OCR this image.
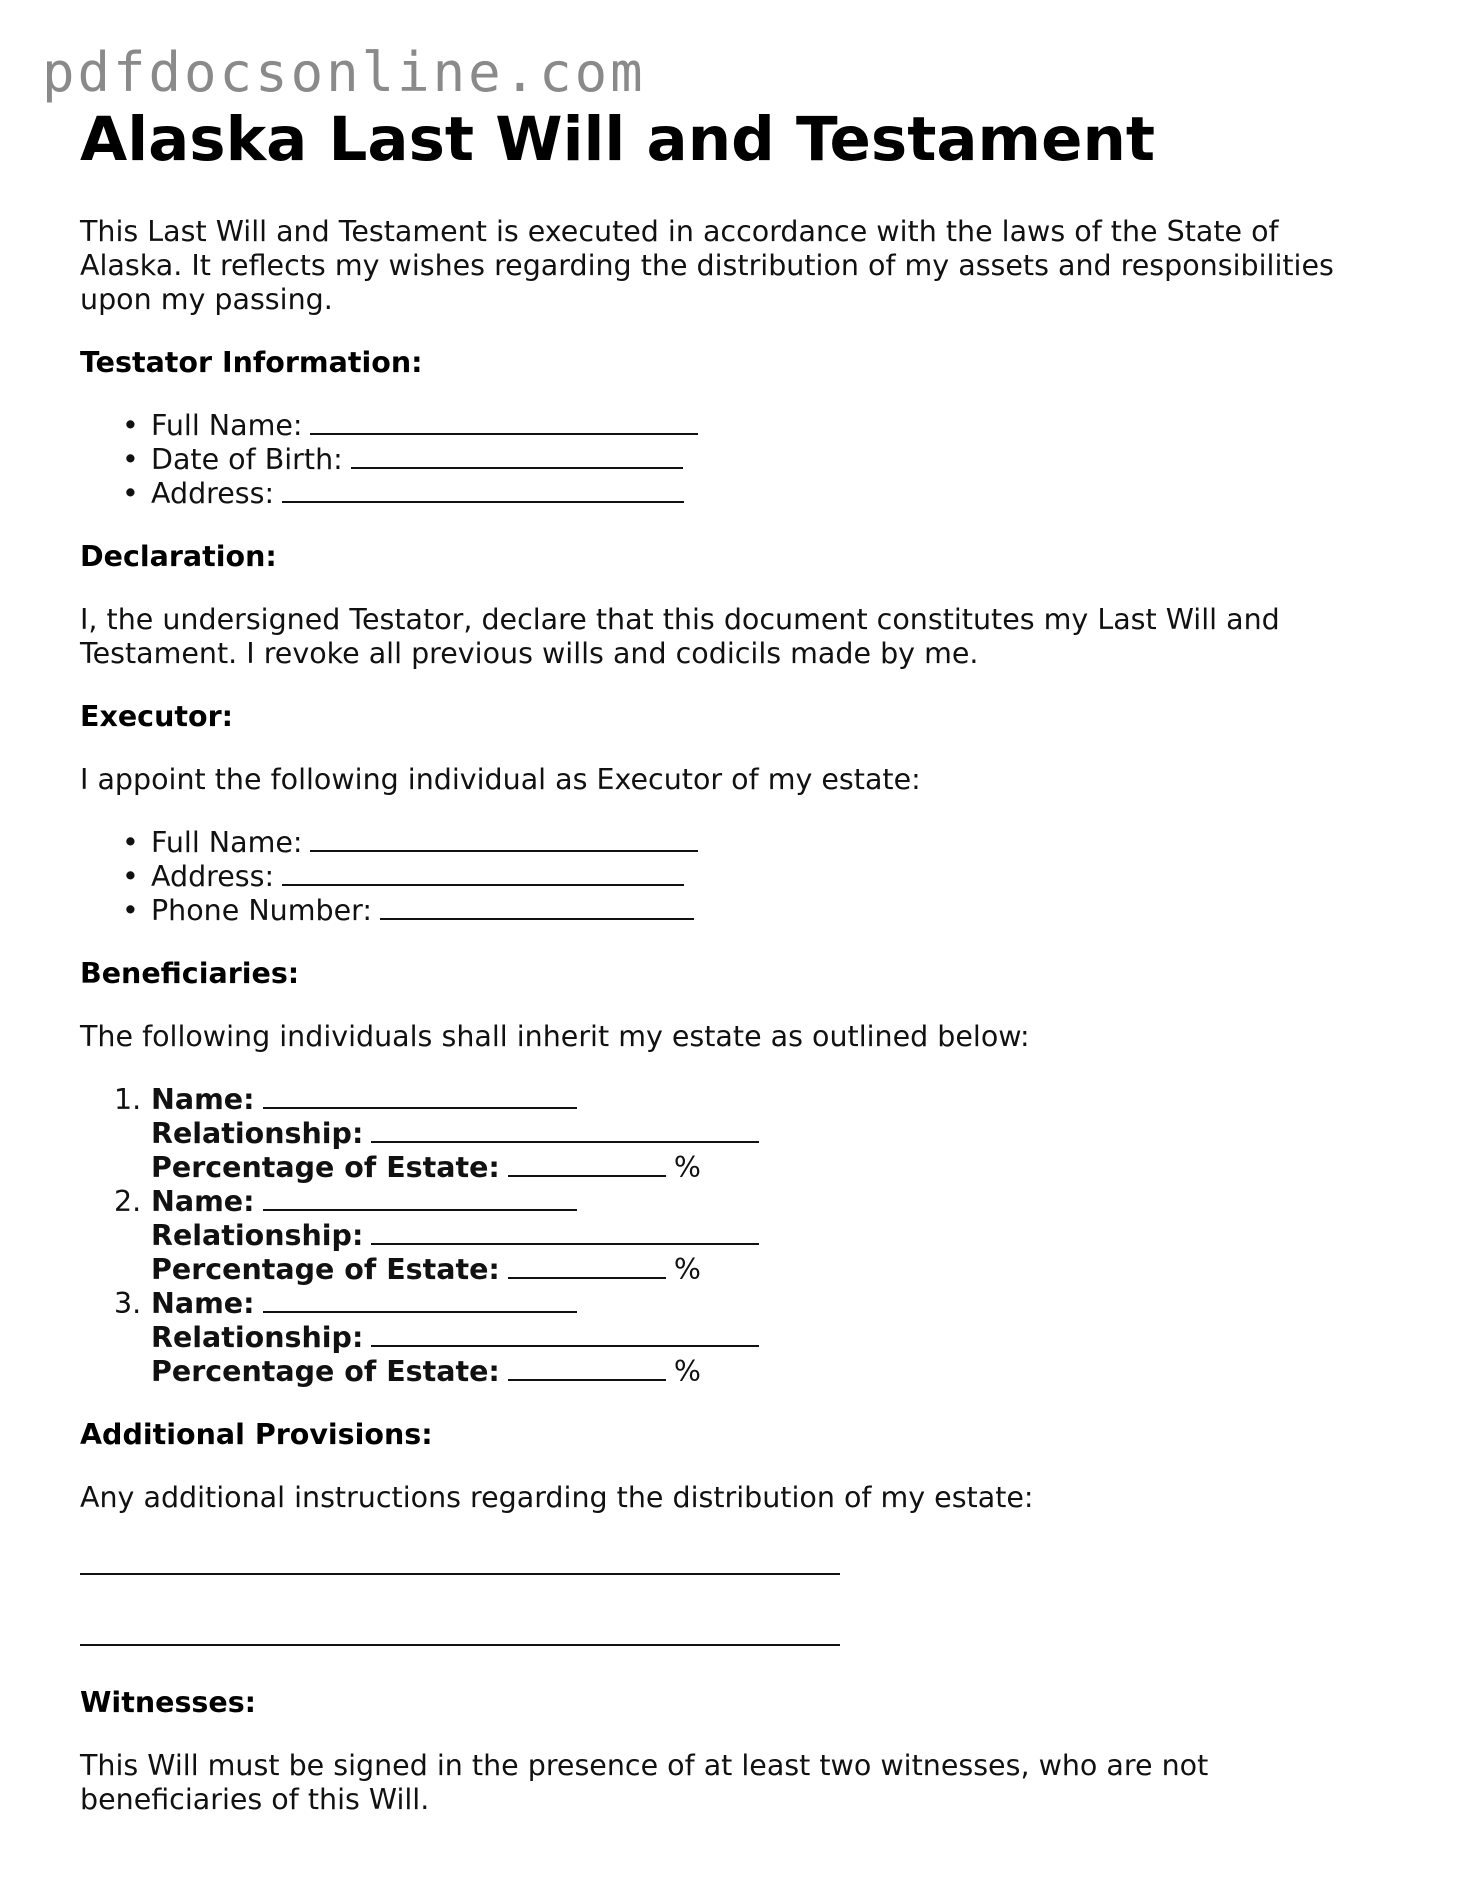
pdfdocsonline.com
Alaska Last Will and Testament

This Last Will and Testament is executed in accordance with the laws of the State of Alaska. It reflects my wishes regarding the distribution of my assets and responsibilities upon my passing.

Testator Information:
• Full Name:
• Date of Birth:
• Address:
Declaration:

I, the undersigned Testator, declare that this document constitutes my Last Will and Testament. I revoke all previous wills and codicils made by me.

Executor:

I appoint the following individual as Executor of my estate:

• Full Name:
• Address:
• Phone Number:
Beneficiaries:

The following individuals shall inherit my estate as outlined below:

1. Name:
Relationship:
Percentage of Estate:	%
2. Name:
Relationship:
Percentage of Estate:	%
3. Name:
Relationship:
Percentage of Estate:	%
Additional Provisions:

Any additional instructions regarding the distribution of my estate:

Witnesses:

This Will must be signed in the presence of at least two witnesses, who are not beneficiaries of this Will.
